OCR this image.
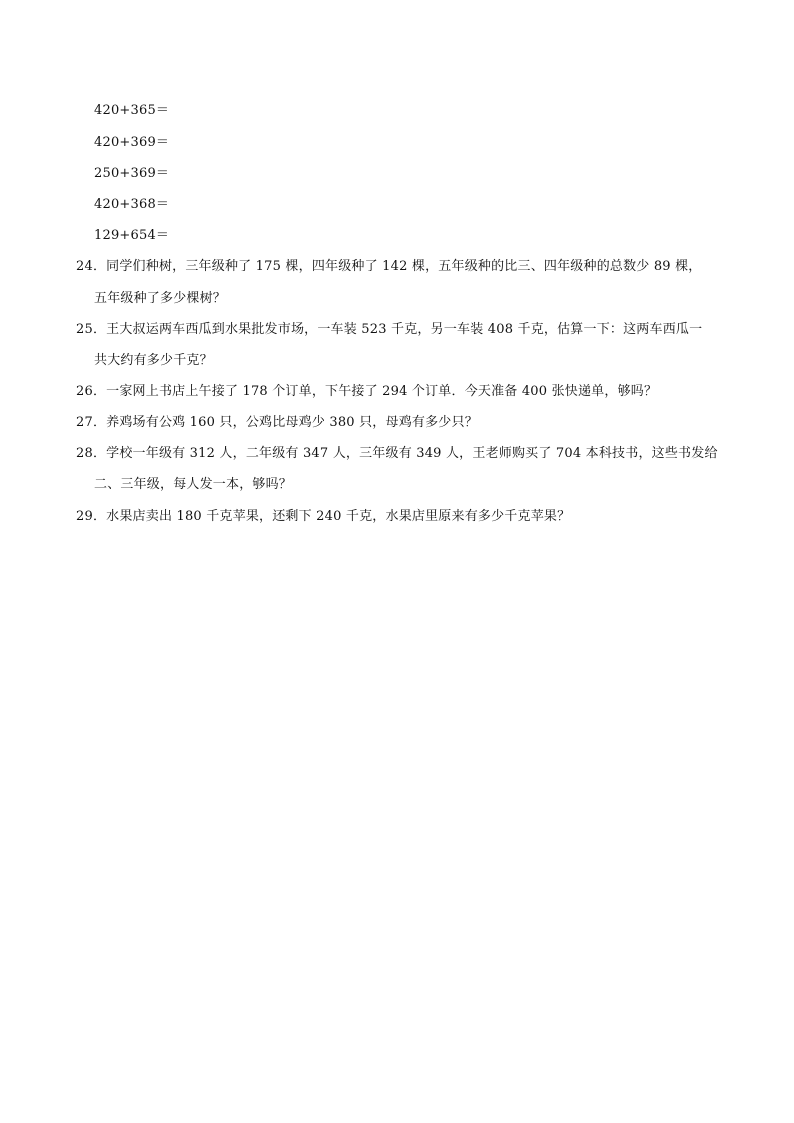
420+365＝
420+369＝
250+369＝
420+368＝
129+654＝
24．同学们种树，三年级种了 175 棵，四年级种了 142 棵，五年级种的比三、四年级种的总数少 89 棵，
五年级种了多少棵树？
25．王大叔运两车西瓜到水果批发市场，一车装 523 千克，另一车装 408 千克，估算一下：这两车西瓜一
共大约有多少千克？
26．一家网上书店上午接了 178 个订单，下午接了 294 个订单．今天准备 400 张快递单，够吗？
27．养鸡场有公鸡 160 只，公鸡比母鸡少 380 只，母鸡有多少只？
28．学校一年级有 312 人，二年级有 347 人，三年级有 349 人，王老师购买了 704 本科技书，这些书发给
二、三年级，每人发一本，够吗？
29．水果店卖出 180 千克苹果，还剩下 240 千克，水果店里原来有多少千克苹果？
